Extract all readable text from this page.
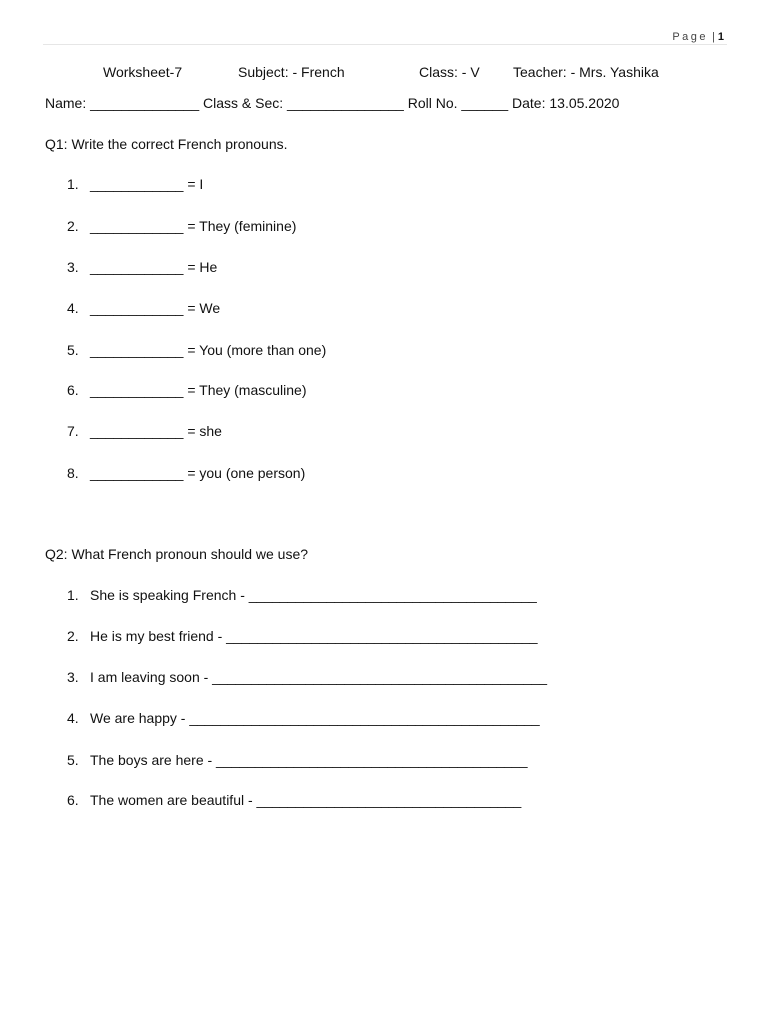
Page | 1
Worksheet-7	Subject: - French	Class: - V Teacher: - Mrs. Yashika
Name: ______________ Class & Sec: _______________ Roll No. ______ Date: 13.05.2020
Q1: Write the correct French pronouns.
1. ____________ = I
2. ____________ = They (feminine)
3. ____________ = He
4. ____________ = We
5. ____________ = You (more than one)
6. ____________ = They (masculine)
7. ____________ = she
8. ____________ = you (one person)
Q2: What French pronoun should we use?
1. She is speaking French - _____________________________________
2. He is my best friend - ________________________________________
3. I am leaving soon - ___________________________________________
4. We are happy - _____________________________________________
5. The boys are here - ________________________________________
6. The women are beautiful - __________________________________
